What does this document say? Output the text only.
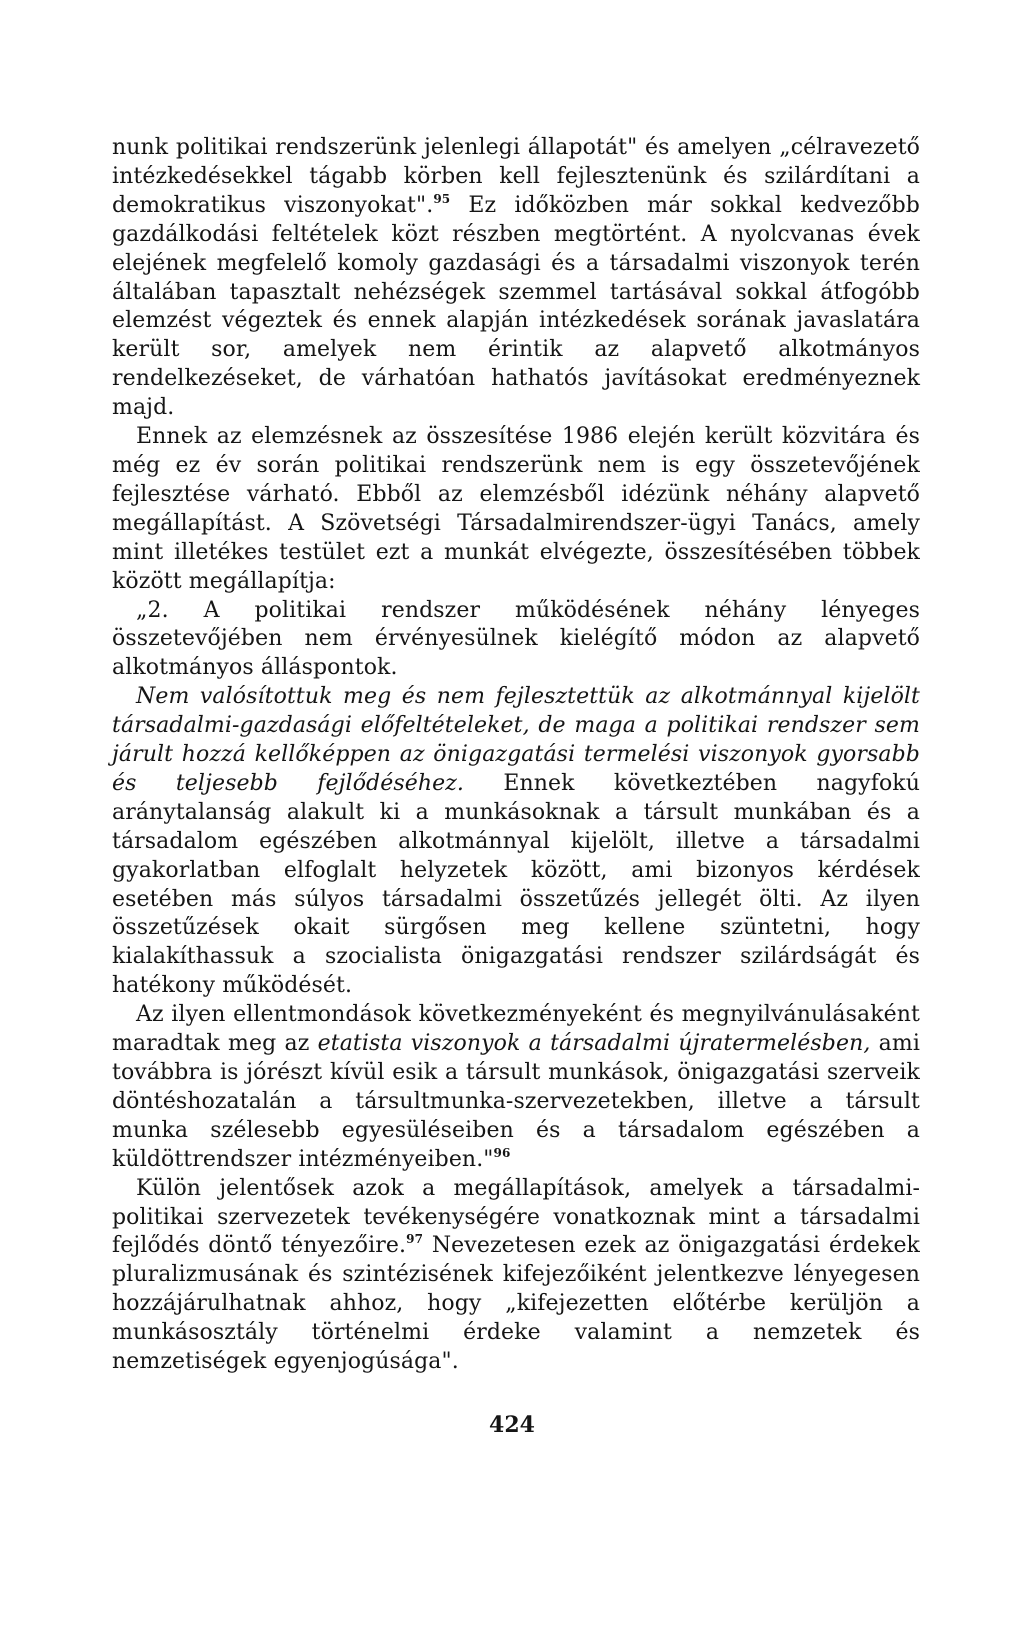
nunk politikai rendszerünk jelenlegi állapotát" és amelyen „célravezető intézkedésekkel tágabb körben kell fejlesztenünk és szilárdítani a demokratikus viszonyokat".$^{95}$ Ez időközben már sokkal kedvezőbb gazdálkodási feltételek közt részben megtörtént. A nyolcvanas évek elejének megfelelő komoly gazdasági és a társadalmi viszonyok terén általában tapasztalt nehézségek szemmel tartásával sokkal átfogóbb elemzést végeztek és ennek alapján intézkedések sorának javaslatára került sor, amelyek nem érintik az alapvető alkotmányos rendelkezéseket, de várhatóan hathatós javításokat eredményeznek majd.

Ennek az elemzésnek az összesítése 1986 elején került közvitára és még ez év során politikai rendszerünk nem is egy összetevőjének fejlesztése várható. Ebből az elemzésből idézünk néhány alapvető megállapítást. A Szövetségi Társadalmirendszer-ügyi Tanács, amely mint illetékes testület ezt a munkát elvégezte, összesítésében többek között megállapítja:

„2. A politikai rendszer működésének néhány lényeges összetevőjében nem érvényesülnek kielégítő módon az alapvető alkotmányos álláspontok.

Nem valósítottuk meg és nem fejlesztettük az alkotmánnyal kijelölt társadalmi-gazdasági előfeltételeket, de maga a politikai rendszer sem járult hozzá kellőképpen az önigazgatási termelési viszonyok gyorsabb és teljesebb fejlődéséhez. Ennek következtében nagyfokú aránytalanság alakult ki a munkásoknak a társult munkában és a társadalom egészében alkotmánnyal kijelölt, illetve a társadalmi gyakorlatban elfoglalt helyzetek között, ami bizonyos kérdések esetében más súlyos társadalmi összetűzés jellegét ölti. Az ilyen összetűzések okait sürgősen meg kellene szüntetni, hogy kialakíthassuk a szocialista önigazgatási rendszer szilárdságát és hatékony működését.

Az ilyen ellentmondások következményeként és megnyilvánulásaként maradtak meg az etatista viszonyok a társadalmi újratermelésben, ami továbbra is jórészt kívül esik a társult munkások, önigazgatási szerveik döntéshozatalán a társultmunka-szervezetekben, illetve a társult munka szélesebb egyesüléseiben és a társadalom egészében a küldöttrendszer intézményeiben."$^{96}$

Külön jelentősek azok a megállapítások, amelyek a társadalmi-politikai szervezetek tevékenységére vonatkoznak mint a társadalmi fejlődés döntő tényezőire.$^{97}$ Nevezetesen ezek az önigazgatási érdekek pluralizmusának és szintézisének kifejezőiként jelentkezve lényegesen hozzájárulhatnak ahhoz, hogy „kifejezetten előtérbe kerüljön a munkásosztály történelmi érdeke valamint a nemzetek és nemzetiségek egyenjogúsága".

424
